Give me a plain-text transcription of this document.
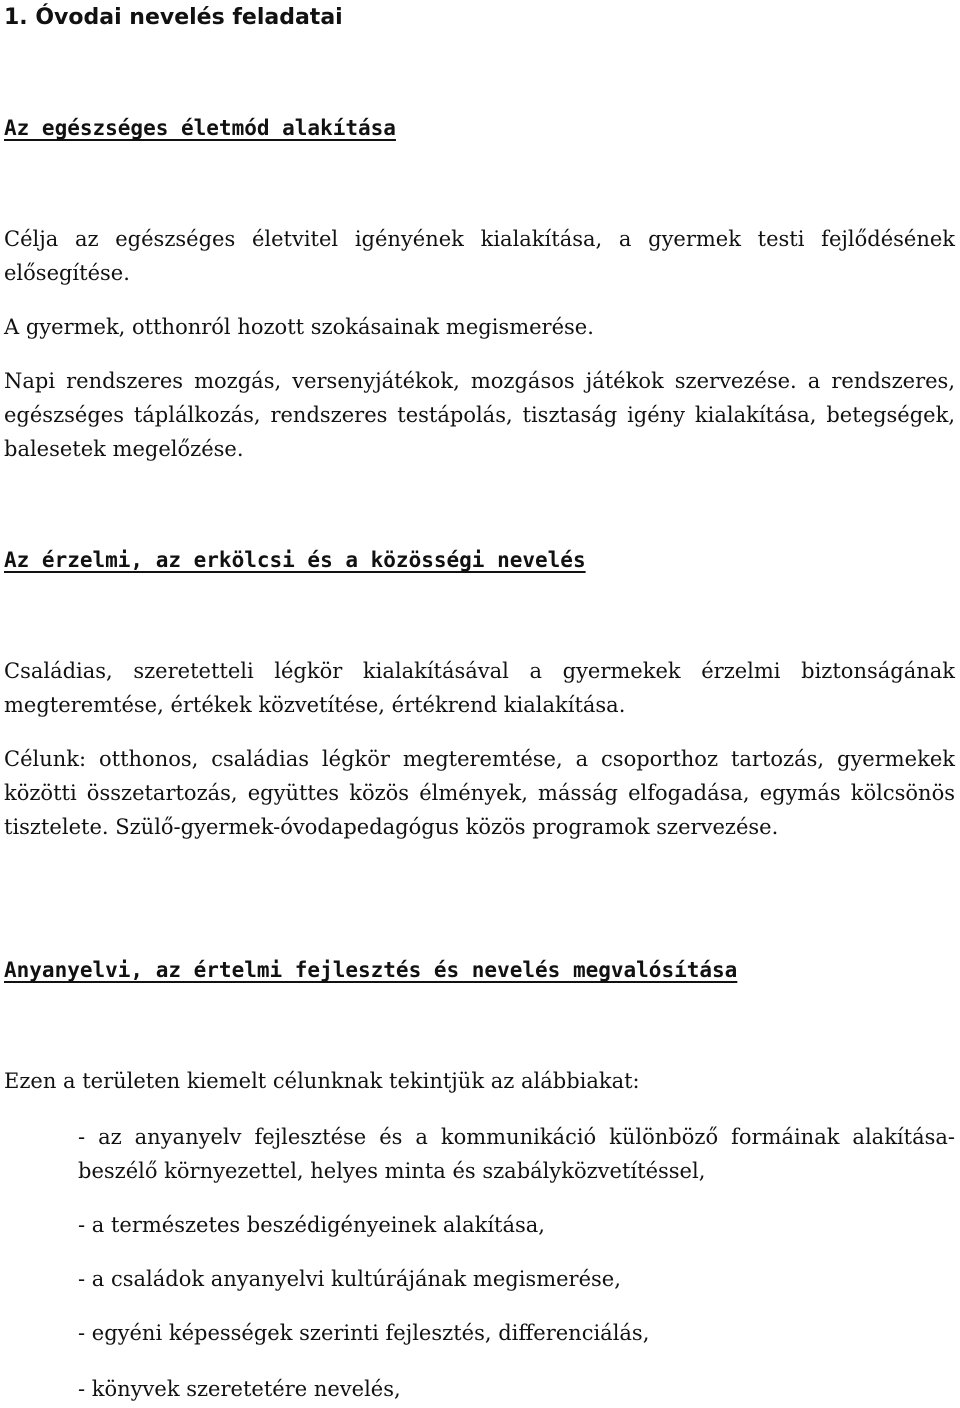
1. Óvodai nevelés feladatai
Az egészséges életmód alakítása

Célja az egészséges életvitel igényének kialakítása, a gyermek testi fejlődésének elősegítése.

A gyermek, otthonról hozott szokásainak megismerése.

Napi rendszeres mozgás, versenyjátékok, mozgásos játékok szervezése. a rendszeres, egészséges táplálkozás, rendszeres testápolás, tisztaság igény kialakítása, betegségek, balesetek megelőzése.

Az érzelmi, az erkölcsi és a közösségi nevelés

Családias, szeretetteli légkör kialakításával a gyermekek érzelmi biztonságának megteremtése, értékek közvetítése, értékrend kialakítása.

Célunk: otthonos, családias légkör megteremtése, a csoporthoz tartozás, gyermekek közötti összetartozás, együttes közös élmények, másság elfogadása, egymás kölcsönös tisztelete. Szülő-gyermek-óvodapedagógus közös programok szervezése.

Anyanyelvi, az értelmi fejlesztés és nevelés megvalósítása

Ezen a területen kiemelt célunknak tekintjük az alábbiakat:

- az anyanyelv fejlesztése és a kommunikáció különböző formáinak alakítása- beszélő környezettel, helyes minta és szabályközvetítéssel,

- a természetes beszédigényeinek alakítása,

- a családok anyanyelvi kultúrájának megismerése,

- egyéni képességek szerinti fejlesztés, differenciálás,

- könyvek szeretetére nevelés,
